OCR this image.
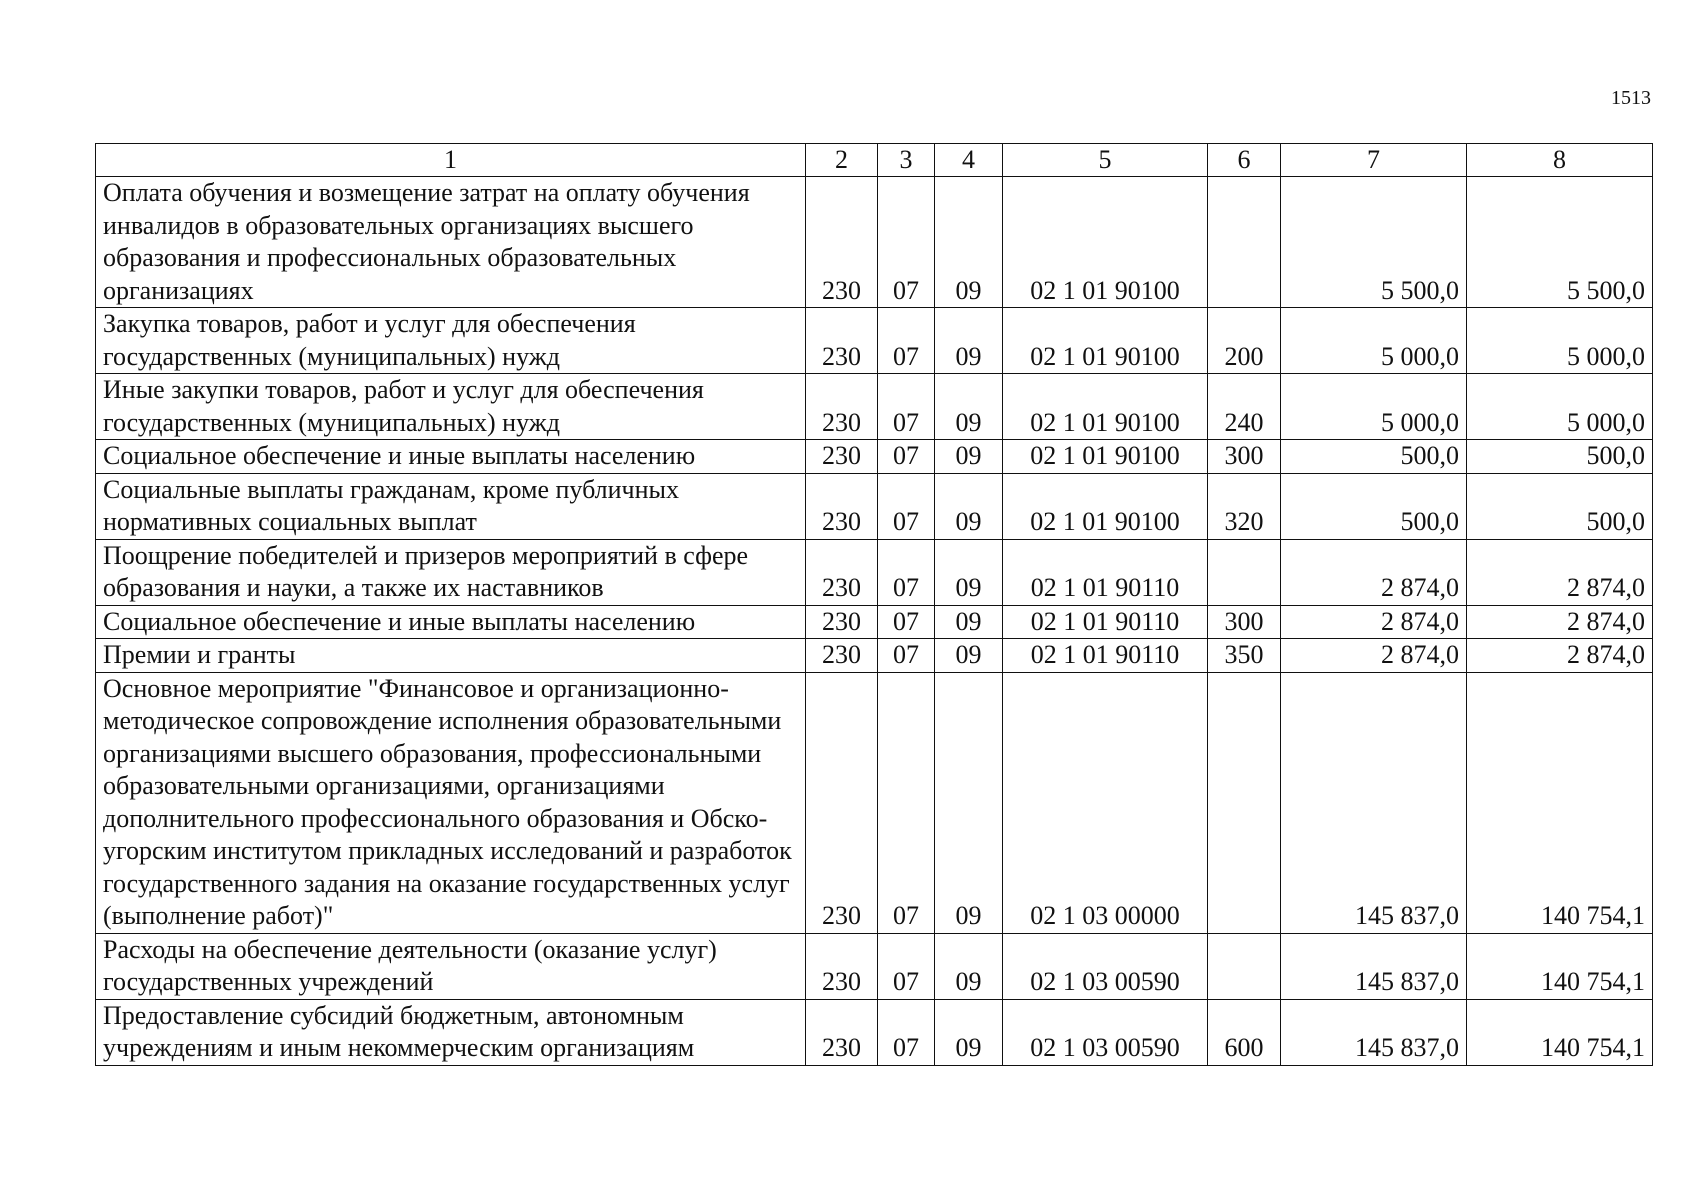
1513
1	2	3	4	5	6	7	8
Оплата обучения и возмещение затрат на оплату обучения инвалидов в образовательных организациях высшего образования и профессиональных образовательных организациях	230	07	09	02 1 01 90100		5 500,0	5 500,0
Закупка товаров, работ и услуг для обеспечения государственных (муниципальных) нужд	230	07	09	02 1 01 90100	200	5 000,0	5 000,0
Иные закупки товаров, работ и услуг для обеспечения государственных (муниципальных) нужд	230	07	09	02 1 01 90100	240	5 000,0	5 000,0
Социальное обеспечение и иные выплаты населению	230	07	09	02 1 01 90100	300	500,0	500,0
Социальные выплаты гражданам, кроме публичных нормативных социальных выплат	230	07	09	02 1 01 90100	320	500,0	500,0
Поощрение победителей и призеров мероприятий в сфере образования и науки, а также их наставников	230	07	09	02 1 01 90110		2 874,0	2 874,0
Социальное обеспечение и иные выплаты населению	230	07	09	02 1 01 90110	300	2 874,0	2 874,0
Премии и гранты	230	07	09	02 1 01 90110	350	2 874,0	2 874,0
Основное мероприятие "Финансовое и организационно-методическое сопровождение исполнения образовательными организациями высшего образования, профессиональными образовательными организациями, организациями дополнительного профессионального образования и Обско-угорским институтом прикладных исследований и разработок государственного задания на оказание государственных услуг (выполнение работ)"	230	07	09	02 1 03 00000		145 837,0	140 754,1
Расходы на обеспечение деятельности (оказание услуг) государственных учреждений	230	07	09	02 1 03 00590		145 837,0	140 754,1
Предоставление субсидий бюджетным, автономным учреждениям и иным некоммерческим организациям	230	07	09	02 1 03 00590	600	145 837,0	140 754,1
